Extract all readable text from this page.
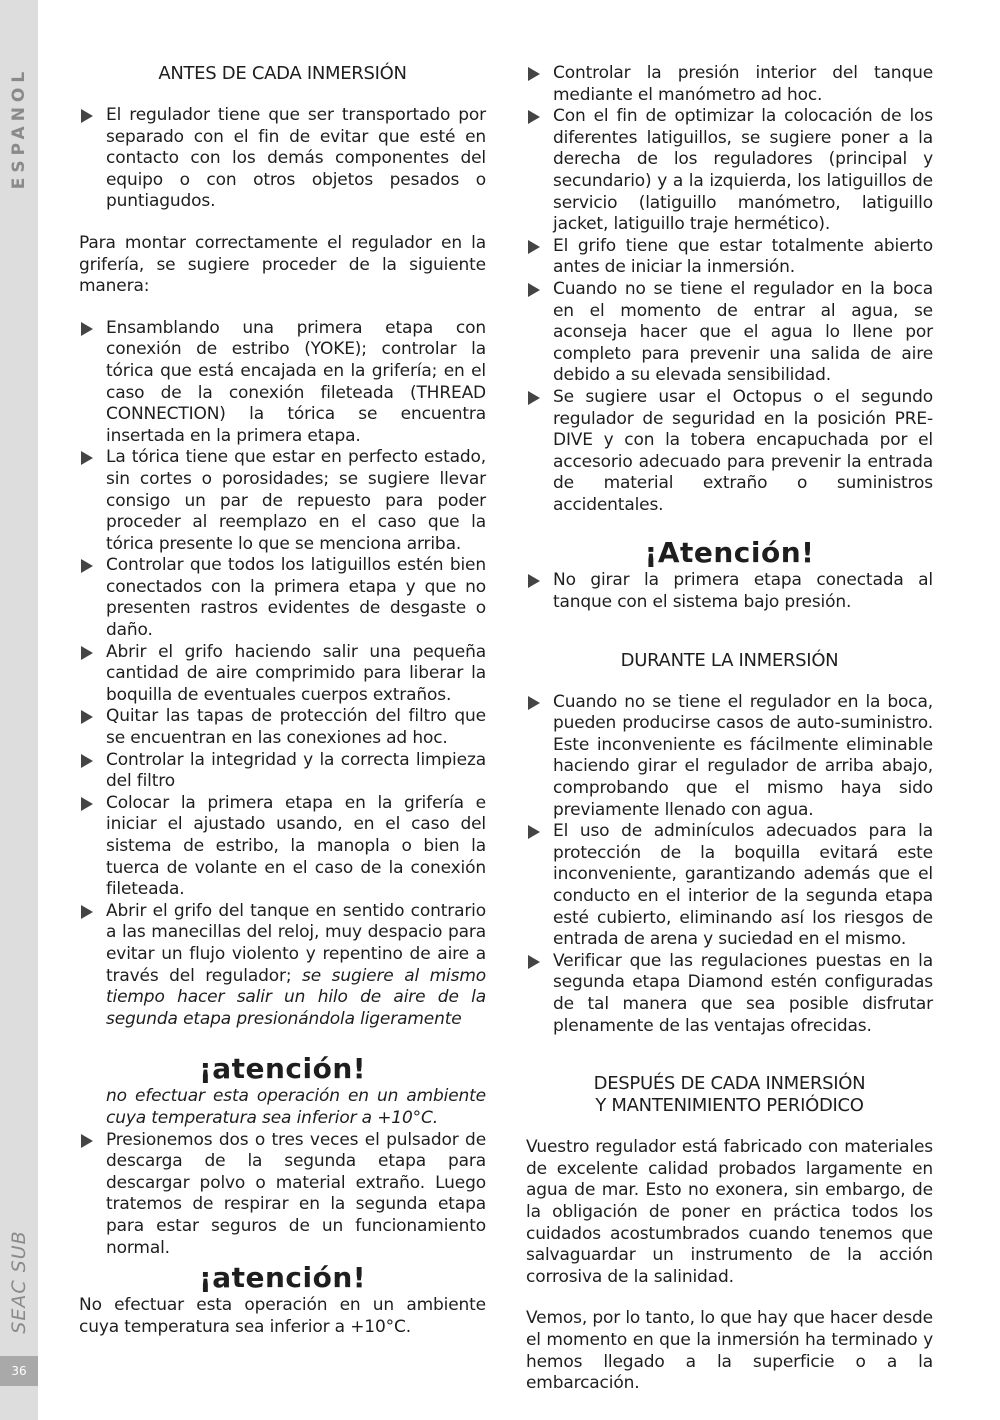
ESPANOL
SEAC SUB
36
ANTES DE CADA INMERSIÓN
El regulador tiene que ser transportado por separado con el fin de evitar que esté en contacto con los demás componentes del equipo o con otros objetos pesados o puntiagudos.
Para montar correctamente el regulador en la grifería, se sugiere proceder de la siguiente manera:
Ensamblando una primera etapa con conexión de estribo (YOKE); controlar la tórica que está encajada en la grifería; en el caso de la conexión fileteada (THREAD CONNECTION) la tórica se encuentra insertada en la primera etapa.
La tórica tiene que estar en perfecto estado, sin cortes o porosidades; se sugiere llevar consigo un par de repuesto para poder proceder al reemplazo en el caso que la tórica presente lo que se menciona arriba.
Controlar que todos los latiguillos estén bien conectados con la primera etapa y que no presenten rastros evidentes de desgaste o daño.
Abrir el grifo haciendo salir una pequeña cantidad de aire comprimido para liberar la boquilla de eventuales cuerpos extraños.
Quitar las tapas de protección del filtro que se encuentran en las conexiones ad hoc.
Controlar la integridad y la correcta limpieza del filtro
Colocar la primera etapa en la grifería e iniciar el ajustado usando, en el caso del sistema de estribo, la manopla o bien la tuerca de volante en el caso de la conexión fileteada.
Abrir el grifo del tanque en sentido contrario a las manecillas del reloj, muy despacio para evitar un flujo violento y repentino de aire a través del regulador; se sugiere al mismo tiempo hacer salir un hilo de aire de la segunda etapa presionándola ligeramente
¡atención!
no efectuar esta operación en un ambiente cuya temperatura sea inferior a +10°C.
Presionemos dos o tres veces el pulsador de descarga de la segunda etapa para descargar polvo o material extraño. Luego tratemos de respirar en la segunda etapa para estar seguros de un funcionamiento normal.
¡atención!
No efectuar esta operación en un ambiente cuya temperatura sea inferior a +10°C.
Controlar la presión interior del tanque mediante el manómetro ad hoc.
Con el fin de optimizar la colocación de los diferentes latiguillos, se sugiere poner a la derecha de los reguladores (principal y secundario) y a la izquierda, los latiguillos de servicio (latiguillo manómetro, latiguillo jacket, latiguillo traje hermético).
El grifo tiene que estar totalmente abierto antes de iniciar la inmersión.
Cuando no se tiene el regulador en la boca en el momento de entrar al agua, se aconseja hacer que el agua lo llene por completo para prevenir una salida de aire debido a su elevada sensibilidad.
Se sugiere usar el Octopus o el segundo regulador de seguridad en la posición PRE-DIVE y con la tobera encapuchada por el accesorio adecuado para prevenir la entrada de material extraño o suministros accidentales.
¡Atención!
No girar la primera etapa conectada al tanque con el sistema bajo presión.
DURANTE LA INMERSIÓN
Cuando no se tiene el regulador en la boca, pueden producirse casos de auto-suministro. Este inconveniente es fácilmente eliminable haciendo girar el regulador de arriba abajo, comprobando que el mismo haya sido previamente llenado con agua.
El uso de adminículos adecuados para la protección de la boquilla evitará este inconveniente, garantizando además que el conducto en el interior de la segunda etapa esté cubierto, eliminando así los riesgos de entrada de arena y suciedad en el mismo.
Verificar que las regulaciones puestas en la segunda etapa Diamond estén configuradas de tal manera que sea posible disfrutar plenamente de las ventajas ofrecidas.
DESPUÉS DE CADA INMERSIÓN
Y MANTENIMIENTO PERIÓDICO
Vuestro regulador está fabricado con materiales de excelente calidad probados largamente en agua de mar. Esto no exonera, sin embargo, de la obligación de poner en práctica todos los cuidados acostumbrados cuando tenemos que salvaguardar un instrumento de la acción corrosiva de la salinidad.
Vemos, por lo tanto, lo que hay que hacer desde el momento en que la inmersión ha terminado y hemos llegado a la superficie o a la embarcación.
